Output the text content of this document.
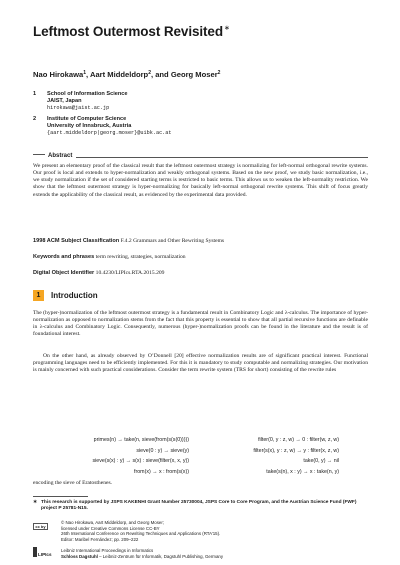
Leftmost Outermost Revisited∗
Nao Hirokawa$^1$, Aart Middeldorp$^2$, and Georg Moser$^2$
1 School of Information Science
JAIST, Japan
hirokawa@jaist.ac.jp
2 Institute of Computer Science
University of Innsbruck, Austria
{aart.middeldorp|georg.moser}@uibk.ac.at
Abstract
We present an elementary proof of the classical result that the leftmost outermost strategy is normalizing for left-normal orthogonal rewrite systems. Our proof is local and extends to hyper-normalization and weakly orthogonal systems. Based on the new proof, we study basic normalization, i.e., we study normalization if the set of considered starting terms is restricted to basic terms. This allows us to weaken the left-normality restriction. We show that the leftmost outermost strategy is hyper-normalizing for basically left-normal orthogonal rewrite systems. This shift of focus greatly extends the applicability of the classical result, as evidenced by the experimental data provided.
1998 ACM Subject Classification F.4.2 Grammars and Other Rewriting Systems
Keywords and phrases term rewriting, strategies, normalization
Digital Object Identifier 10.4230/LIPIcs.RTA.2015.209
1	Introduction
The (hyper-)normalization of the leftmost outermost strategy is a fundamental result in Combinatory Logic and λ-calculus. The importance of hyper-normalization as opposed to normalization stems from the fact that this property is essential to show that all partial recursive functions are definable in λ-calculus and Combinatory Logic. Consequently, numerous (hyper-)normalization proofs can be found in the literature and the result is of foundational interest.
On the other hand, as already observed by O’Donnell [20] effective normalization results are of significant practical interest. Functional programming languages need to be efficiently implemented. For this it is mandatory to study computable and normalizing strategies. Our motivation is mainly concerned with such practical considerations. Consider the term rewrite system (TRS for short) consisting of the rewrite rules
primes(n) → take(n, sieve(from(s(s(0)))))
sieve(0 : y) → sieve(y)
sieve(s(x) : y) → s(x) : sieve(filter(x, x, y))
from(x) → x : from(s(x))
filter(0, y : z, w) → 0 : filter(w, z, w)
filter(s(x), y : z, w) → y : filter(x, z, w)
take(0, y) → nil
take(s(n), x : y) → x : take(n, y)
encoding the sieve of Eratosthenes.
∗ This research is supported by JSPS KAKENHI Grant Number 25730004, JSPS Core to Core Program, and the Austrian Science Fund (FWF) project P 25781-N15.
cc by
© Nao Hirokawa, Aart Middeldorp, and Georg Moser;
licensed under Creative Commons License CC-BY
26th International Conference on Rewriting Techniques and Applications (RTA’15).
Editor: Maribel Fernández; pp. 209–222
LIPIcs
Leibniz International Proceedings in Informatics
Schloss Dagstuhl – Leibniz-Zentrum für Informatik, Dagstuhl Publishing, Germany
